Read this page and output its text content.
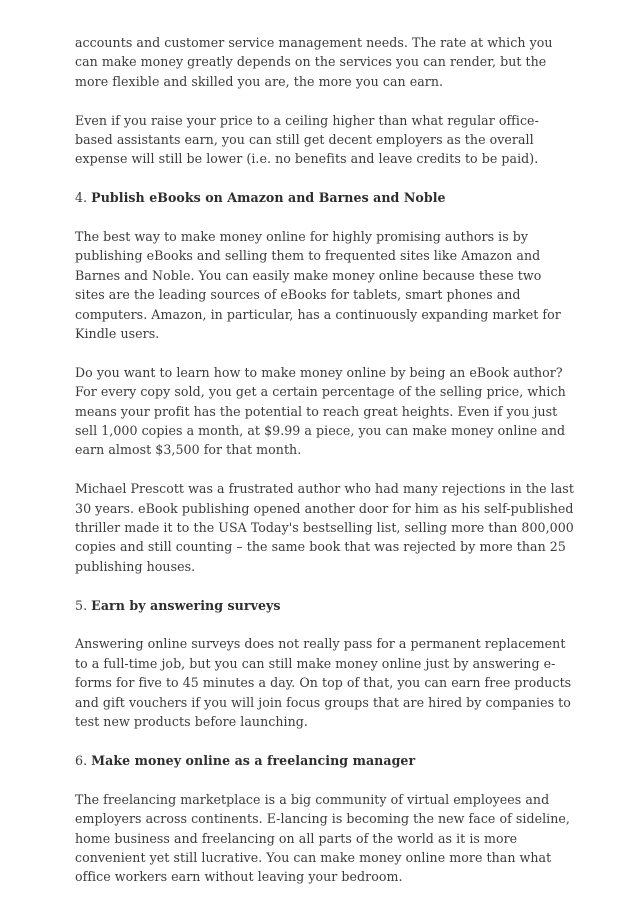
accounts and customer service management needs. The rate at which you can make money greatly depends on the services you can render, but the more flexible and skilled you are, the more you can earn.

Even if you raise your price to a ceiling higher than what regular office-based assistants earn, you can still get decent employers as the overall expense will still be lower (i.e. no benefits and leave credits to be paid).

4. Publish eBooks on Amazon and Barnes and Noble

The best way to make money online for highly promising authors is by publishing eBooks and selling them to frequented sites like Amazon and Barnes and Noble. You can easily make money online because these two sites are the leading sources of eBooks for tablets, smart phones and computers. Amazon, in particular, has a continuously expanding market for Kindle users.

Do you want to learn how to make money online by being an eBook author? For every copy sold, you get a certain percentage of the selling price, which means your profit has the potential to reach great heights. Even if you just sell 1,000 copies a month, at $9.99 a piece, you can make money online and earn almost $3,500 for that month.

Michael Prescott was a frustrated author who had many rejections in the last 30 years. eBook publishing opened another door for him as his self-published thriller made it to the USA Today's bestselling list, selling more than 800,000 copies and still counting – the same book that was rejected by more than 25 publishing houses.

5. Earn by answering surveys

Answering online surveys does not really pass for a permanent replacement to a full-time job, but you can still make money online just by answering e-forms for five to 45 minutes a day. On top of that, you can earn free products and gift vouchers if you will join focus groups that are hired by companies to test new products before launching.

6. Make money online as a freelancing manager

The freelancing marketplace is a big community of virtual employees and employers across continents. E-lancing is becoming the new face of sideline, home business and freelancing on all parts of the world as it is more convenient yet still lucrative. You can make money online more than what office workers earn without leaving your bedroom.
